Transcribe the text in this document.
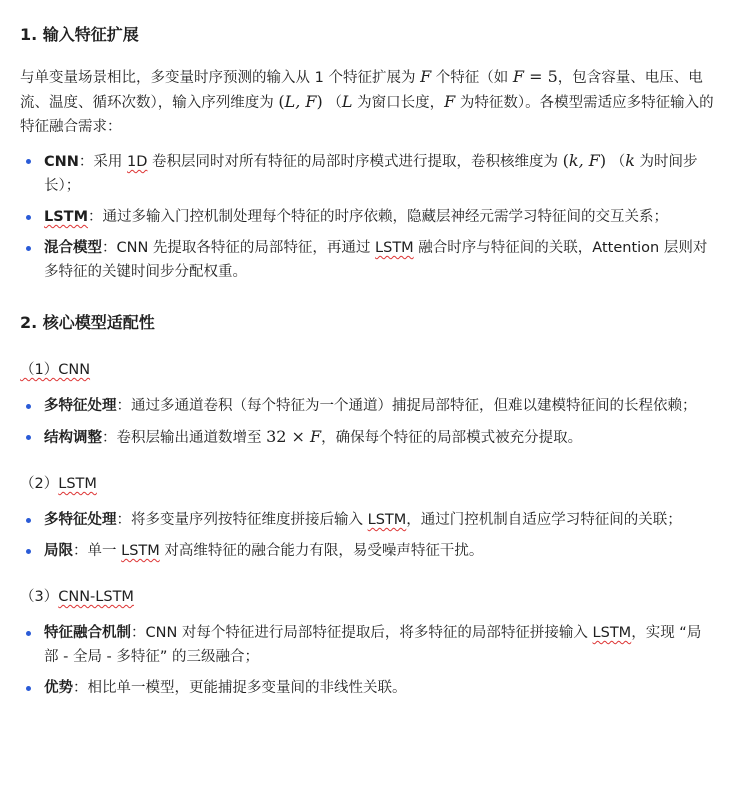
1. 输入特征扩展

与单变量场景相比，多变量时序预测的输入从 1 个特征扩展为 F 个特征（如 F = 5，包含容量、电压、电流、温度、循环次数），输入序列维度为 (L, F) （L 为窗口长度，F 为特征数）。各模型需适应多特征输入的特征融合需求：

CNN：采用 1D 卷积层同时对所有特征的局部时序模式进行提取，卷积核维度为 (k, F) （k 为时间步长）；
LSTM：通过多输入门控机制处理每个特征的时序依赖，隐藏层神经元需学习特征间的交互关系；
混合模型：CNN 先提取各特征的局部特征，再通过 LSTM 融合时序与特征间的关联，Attention 层则对多特征的关键时间步分配权重。
2. 核心模型适配性
（1）CNN
多特征处理：通过多通道卷积（每个特征为一个通道）捕捉局部特征，但难以建模特征间的长程依赖；
结构调整：卷积层输出通道数增至 32 × F，确保每个特征的局部模式被充分提取。
（2）LSTM
多特征处理：将多变量序列按特征维度拼接后输入 LSTM，通过门控机制自适应学习特征间的关联；
局限：单一 LSTM 对高维特征的融合能力有限，易受噪声特征干扰。
（3）CNN-LSTM
特征融合机制：CNN 对每个特征进行局部特征提取后，将多特征的局部特征拼接输入 LSTM，实现 “局部 - 全局 - 多特征” 的三级融合；
优势：相比单一模型，更能捕捉多变量间的非线性关联。
